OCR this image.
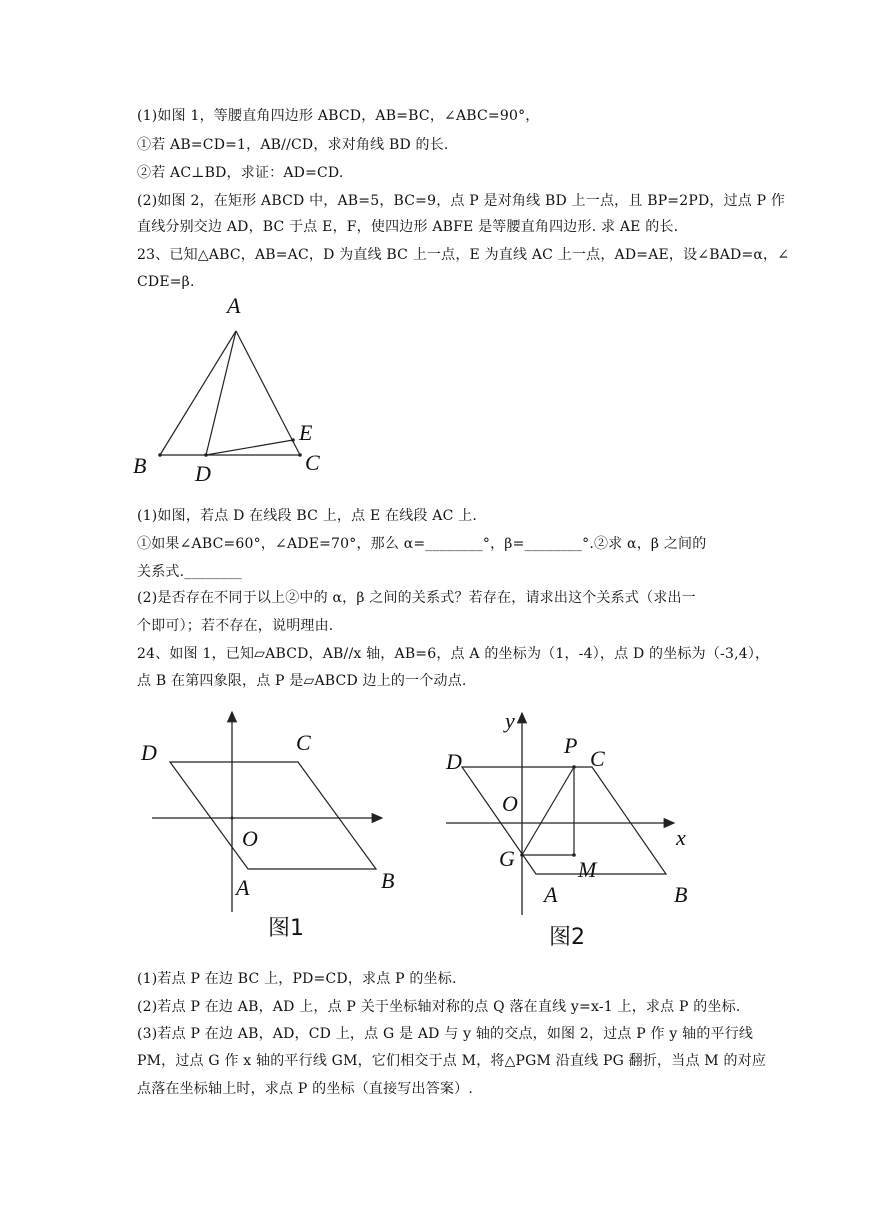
(1)如图 1，等腰直角四边形 ABCD，AB=BC，∠ABC=90°，
①若 AB=CD=1，AB//CD，求对角线 BD 的长.
②若 AC⊥BD，求证：AD=CD.
(2)如图 2，在矩形 ABCD 中，AB=5，BC=9，点 P 是对角线 BD 上一点，且 BP=2PD，过点 P 作
直线分别交边 AD，BC 于点 E，F，使四边形 ABFE 是等腰直角四边形. 求 AE 的长.
23、已知△ABC，AB=AC，D 为直线 BC 上一点，E 为直线 AC 上一点，AD=AE，设∠BAD=α，∠
CDE=β.
A
B	C
D
E
(1)如图，若点 D 在线段 BC 上，点 E 在线段 AC 上.
①如果∠ABC=60°，∠ADE=70°，那么 α=________°，β=________°.②求 α，β 之间的
关系式.________
(2)是否存在不同于以上②中的 α，β 之间的关系式？若存在，请求出这个关系式（求出一
个即可）；若不存在，说明理由.
24、如图 1，已知▱ABCD，AB//x 轴，AB=6，点 A 的坐标为（1，-4），点 D 的坐标为（-3,4），
点 B 在第四象限，点 P 是▱ABCD 边上的一个动点.
D	C
O
A	B
图1
y
P
C
D
O
x
G	M
A	B
图2
(1)若点 P 在边 BC 上，PD=CD，求点 P 的坐标.
(2)若点 P 在边 AB，AD 上，点 P 关于坐标轴对称的点 Q 落在直线 y=x-1 上，求点 P 的坐标.
(3)若点 P 在边 AB，AD，CD 上，点 G 是 AD 与 y 轴的交点，如图 2，过点 P 作 y 轴的平行线
PM，过点 G 作 x 轴的平行线 GM，它们相交于点 M，将△PGM 沿直线 PG 翻折，当点 M 的对应
点落在坐标轴上时，求点 P 的坐标（直接写出答案）.
